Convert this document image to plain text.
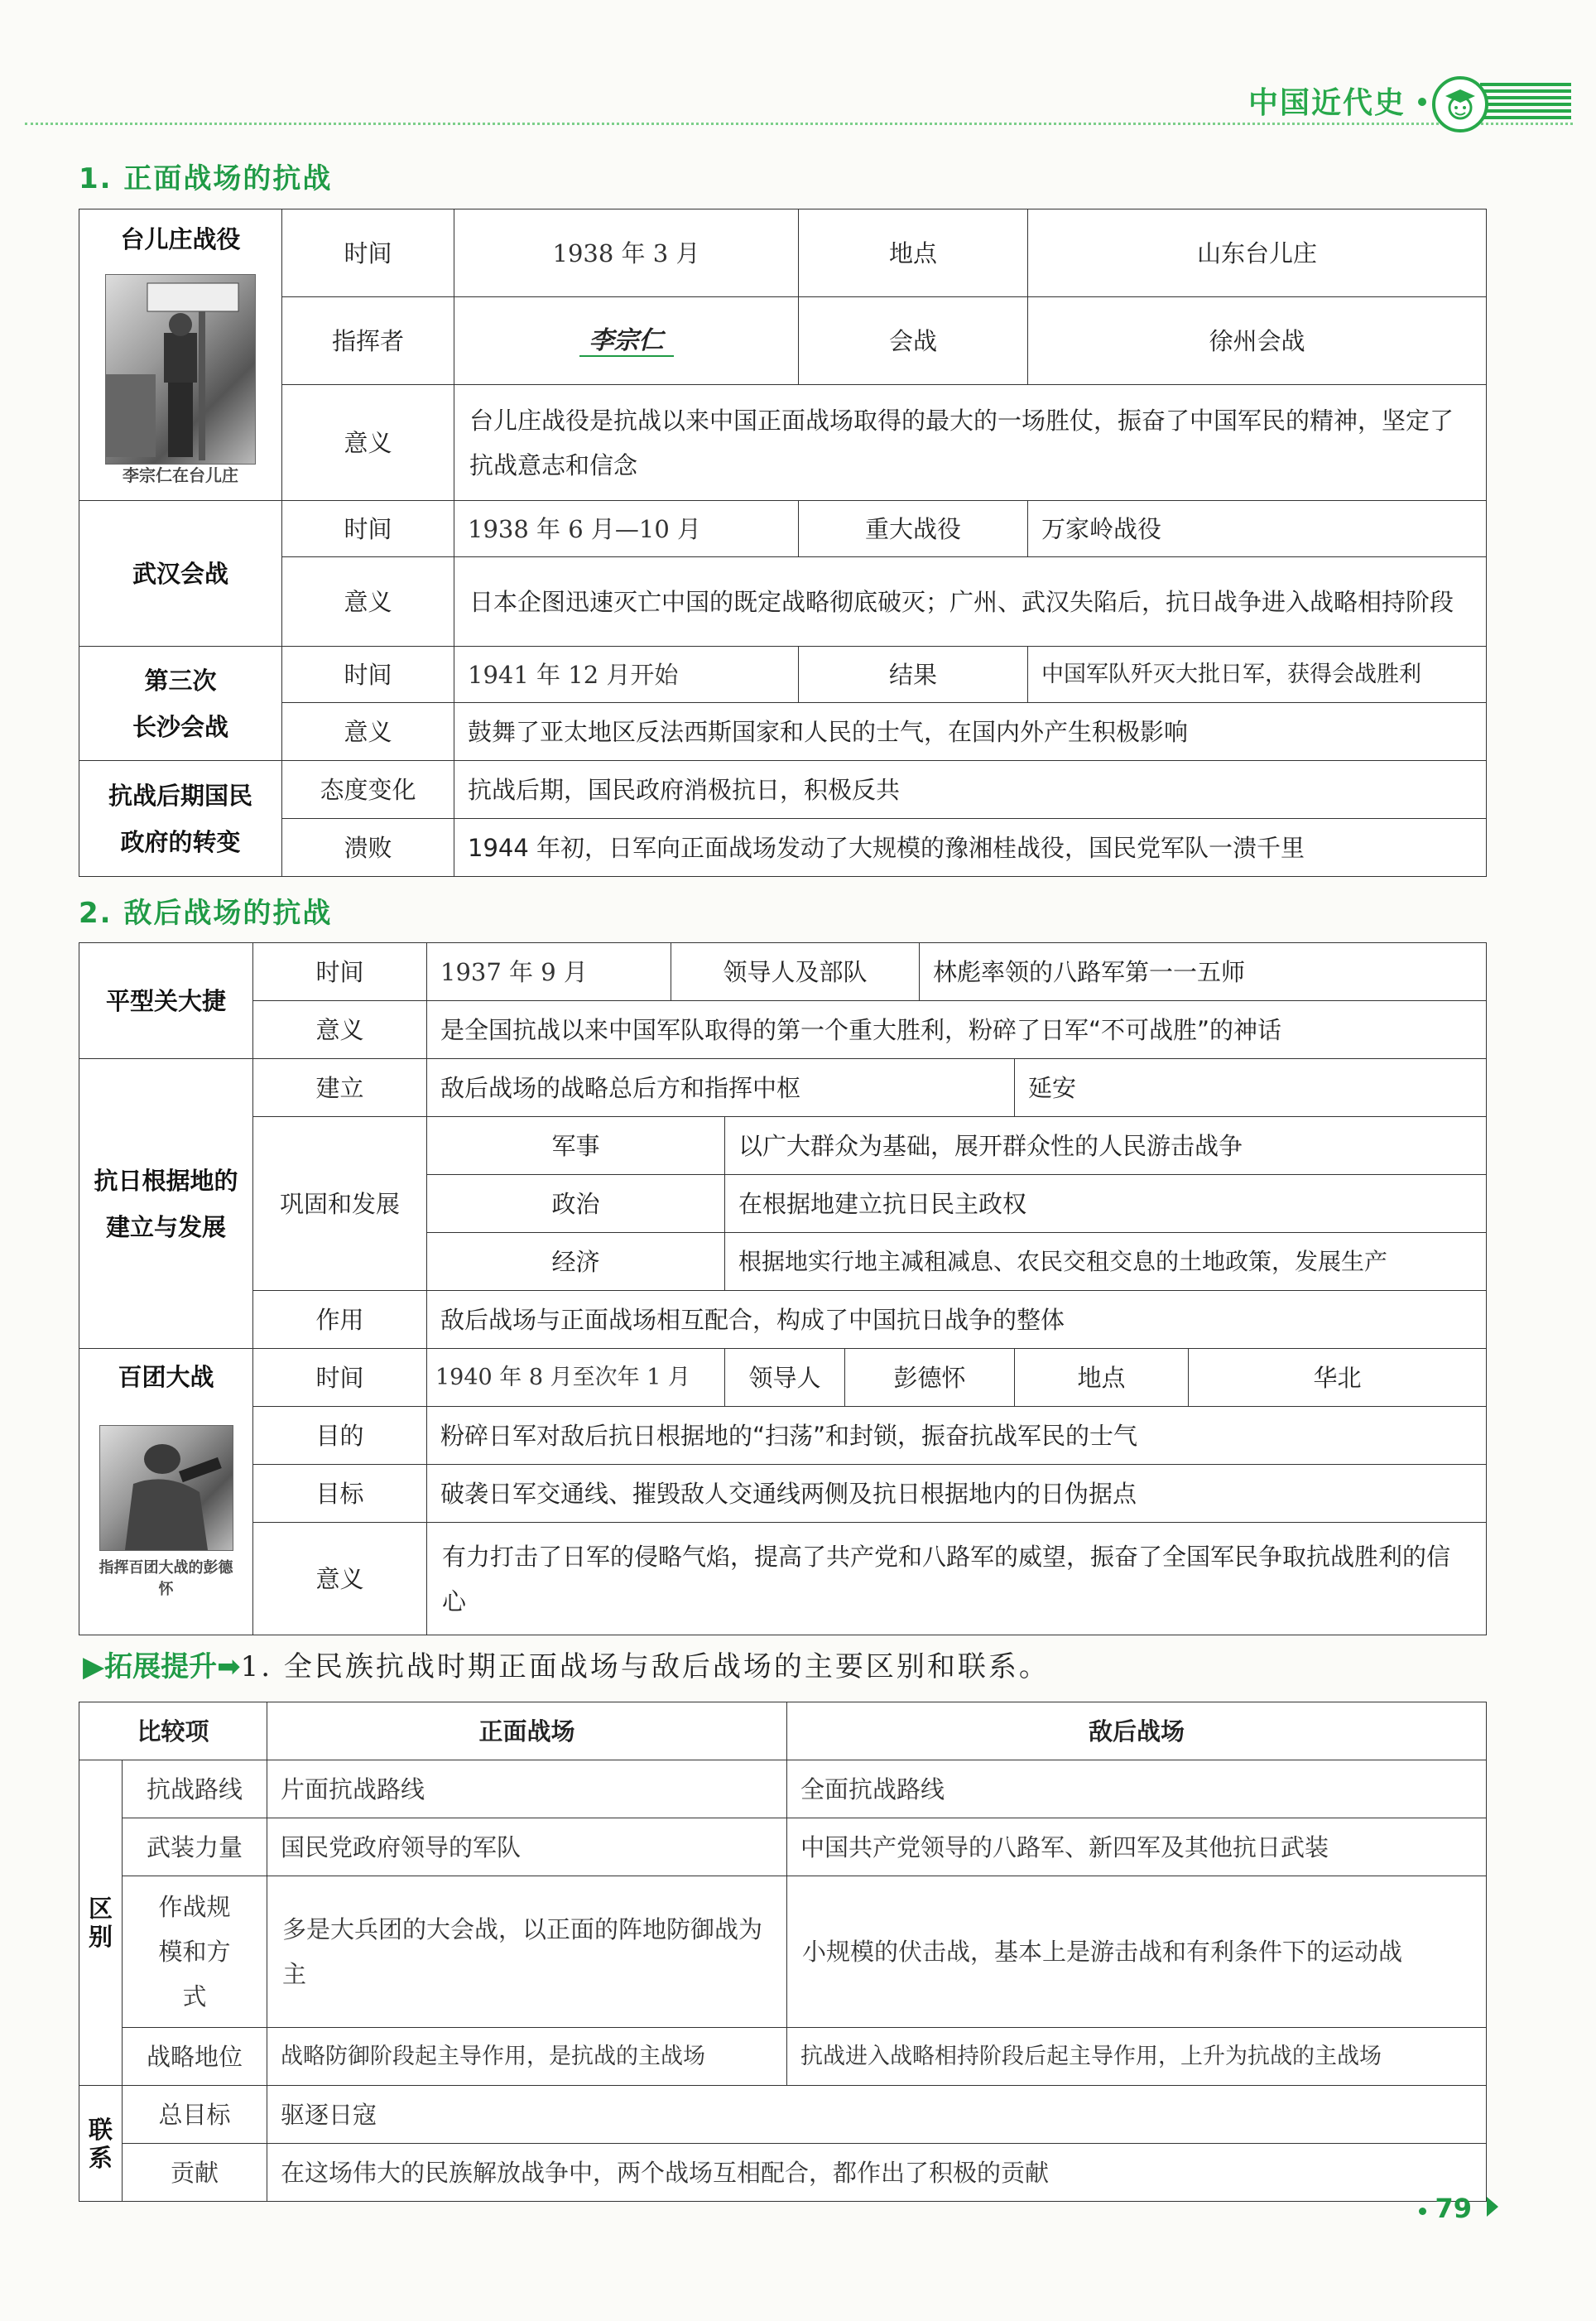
中国近代史
1. 正面战场的抗战
台儿庄战役
李宗仁在台儿庄	时间	1938 年 3 月	地点	山东台儿庄
	指挥者	李宗仁	会战	徐州会战
	意义	台儿庄战役是抗战以来中国正面战场取得的最大的一场胜仗，振奋了中国军民的精神，坚定了抗战意志和信念		
武汉会战	时间	1938 年 6 月—10 月	重大战役	万家岭战役
	意义	日本企图迅速灭亡中国的既定战略彻底破灭；广州、武汉失陷后，抗日战争进入战略相持阶段		

第三次
长沙会战	时间	1941 年 12 月开始	结果	中国军队歼灭大批日军，获得会战胜利
	意义	鼓舞了亚太地区反法西斯国家和人民的士气，在国内外产生积极影响		

抗战后期国民
政府的转变	态度变化	抗战后期，国民政府消极抗日，积极反共		
	溃败	1944 年初，日军向正面战场发动了大规模的豫湘桂战役，国民党军队一溃千里		
2. 敌后战场的抗战
平型关大捷	时间	1937 年 9 月	领导人及部队			林彪率领的八路军第一一五师		
	意义	是全国抗战以来中国军队取得的第一个重大胜利，粉碎了日军“不可战胜”的神话						

抗日根据地的
建立与发展	建立	敌后战场的战略总后方和指挥中枢					延安	
	巩固和发展	军事		以广大群众为基础，展开群众性的人民游击战争				
		政治		在根据地建立抗日民主政权				
		经济		根据地实行地主减租减息、农民交租交息的土地政策，发展生产				
	作用	敌后战场与正面战场相互配合，构成了中国抗日战争的整体						

百团大战
指挥百团大战的彭德怀	时间	1940 年 8 月至次年 1 月		领导人	彭德怀		地点	华北
	目的	粉碎日军对敌后抗日根据地的“扫荡”和封锁，振奋抗战军民的士气						
	目标	破袭日军交通线、摧毁敌人交通线两侧及抗日根据地内的日伪据点						
	意义	有力打击了日军的侵略气焰，提高了共产党和八路军的威望，振奋了全国军民争取抗战胜利的信心						
▶拓展提升➡1. 全民族抗战时期正面战场与敌后战场的主要区别和联系。
比较项		正面战场	敌后战场

区别	抗战路线	片面抗战路线	全面抗战路线
	武装力量	国民党政府领导的军队	中国共产党领导的八路军、新四军及其他抗日武装
	作战规模和方式	多是大兵团的大会战，以正面的阵地防御战为主	小规模的伏击战，基本上是游击战和有利条件下的运动战
	战略地位	战略防御阶段起主导作用，是抗战的主战场	抗战进入战略相持阶段后起主导作用，上升为抗战的主战场

联系	总目标	驱逐日寇	
	贡献	在这场伟大的民族解放战争中，两个战场互相配合，都作出了积极的贡献	
79
